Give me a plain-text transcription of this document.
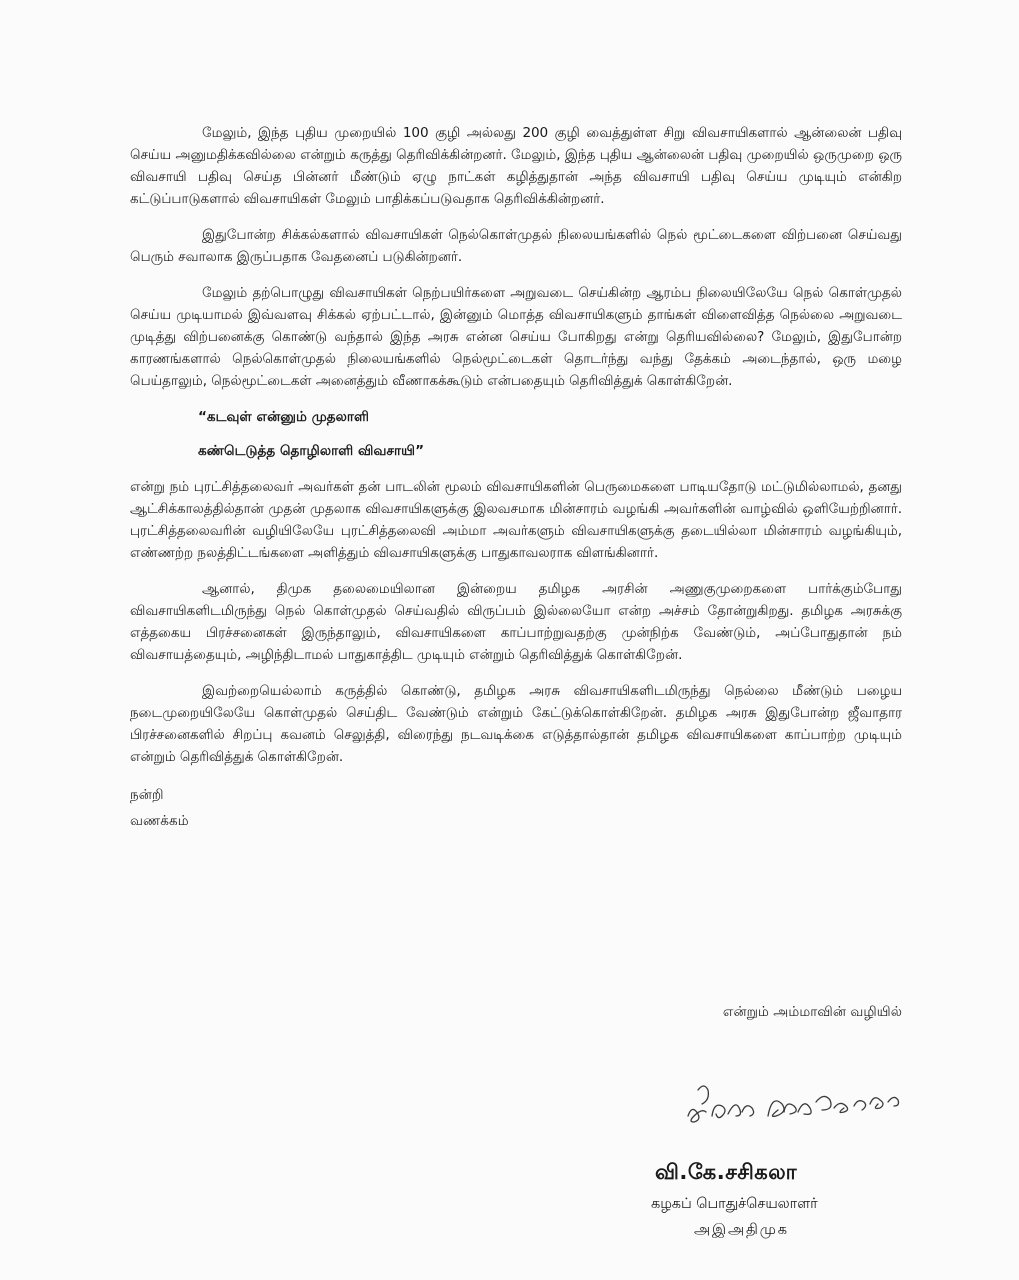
மேலும், இந்த புதிய முறையில் 100 குழி அல்லது 200 குழி வைத்துள்ள சிறு விவசாயிகளால் ஆன்லைன் பதிவு செய்ய அனுமதிக்கவில்லை என்றும் கருத்து தெரிவிக்கின்றனர். மேலும், இந்த புதிய ஆன்லைன் பதிவு முறையில் ஒருமுறை ஒரு விவசாயி பதிவு செய்த பின்னர் மீண்டும் ஏழு நாட்கள் கழித்துதான் அந்த விவசாயி பதிவு செய்ய முடியும் என்கிற கட்டுப்பாடுகளால் விவசாயிகள் மேலும் பாதிக்கப்படுவதாக தெரிவிக்கின்றனர்.

இதுபோன்ற சிக்கல்களால் விவசாயிகள் நெல்கொள்முதல் நிலையங்களில் நெல் மூட்டைகளை விற்பனை செய்வது பெரும் சவாலாக இருப்பதாக வேதனைப் படுகின்றனர்.

மேலும் தற்பொழுது விவசாயிகள் நெற்பயிர்களை அறுவடை செய்கின்ற ஆரம்ப நிலையிலேயே நெல் கொள்முதல் செய்ய முடியாமல் இவ்வளவு சிக்கல் ஏற்பட்டால், இன்னும் மொத்த விவசாயிகளும் தாங்கள் விளைவித்த நெல்லை அறுவடை முடித்து விற்பனைக்கு கொண்டு வந்தால் இந்த அரசு என்ன செய்ய போகிறது என்று தெரியவில்லை? மேலும், இதுபோன்ற காரணங்களால் நெல்கொள்முதல் நிலையங்களில் நெல்மூட்டைகள் தொடர்ந்து வந்து தேக்கம் அடைந்தால், ஒரு மழை பெய்தாலும், நெல்மூட்டைகள் அனைத்தும் வீணாகக்கூடும் என்பதையும் தெரிவித்துக் கொள்கிறேன்.

“கடவுள் என்னும் முதலாளி

கண்டெடுத்த தொழிலாளி விவசாயி”

என்று நம் புரட்சித்தலைவர் அவர்கள் தன் பாடலின் மூலம் விவசாயிகளின் பெருமைகளை பாடியதோடு மட்டுமில்லாமல், தனது ஆட்சிக்காலத்தில்தான் முதன் முதலாக விவசாயிகளுக்கு இலவசமாக மின்சாரம் வழங்கி அவர்களின் வாழ்வில் ஒளியேற்றினார். புரட்சித்தலைவரின் வழியிலேயே புரட்சித்தலைவி அம்மா அவர்களும் விவசாயிகளுக்கு தடையில்லா மின்சாரம் வழங்கியும், எண்ணற்ற நலத்திட்டங்களை அளித்தும் விவசாயிகளுக்கு பாதுகாவலராக விளங்கினார்.

ஆனால், திமுக தலைமையிலான இன்றைய தமிழக அரசின் அணுகுமுறைகளை பார்க்கும்போது விவசாயிகளிடமிருந்து நெல் கொள்முதல் செய்வதில் விருப்பம் இல்லையோ என்ற அச்சம் தோன்றுகிறது. தமிழக அரசுக்கு எத்தகைய பிரச்சனைகள் இருந்தாலும், விவசாயிகளை காப்பாற்றுவதற்கு முன்நிற்க வேண்டும், அப்போதுதான் நம் விவசாயத்தையும், அழிந்திடாமல் பாதுகாத்திட முடியும் என்றும் தெரிவித்துக் கொள்கிறேன்.

இவற்றையெல்லாம் கருத்தில் கொண்டு, தமிழக அரசு விவசாயிகளிடமிருந்து நெல்லை மீண்டும் பழைய நடைமுறையிலேயே கொள்முதல் செய்திட வேண்டும் என்றும் கேட்டுக்கொள்கிறேன். தமிழக அரசு இதுபோன்ற ஜீவாதார பிரச்சனைகளில் சிறப்பு கவனம் செலுத்தி, விரைந்து நடவடிக்கை எடுத்தால்தான் தமிழக விவசாயிகளை காப்பாற்ற முடியும் என்றும் தெரிவித்துக் கொள்கிறேன்.

நன்றி

வணக்கம்

என்றும் அம்மாவின் வழியில்
வி.கே.சசிகலா
கழகப் பொதுச்செயலாளர்
அஇஅதிமுக
